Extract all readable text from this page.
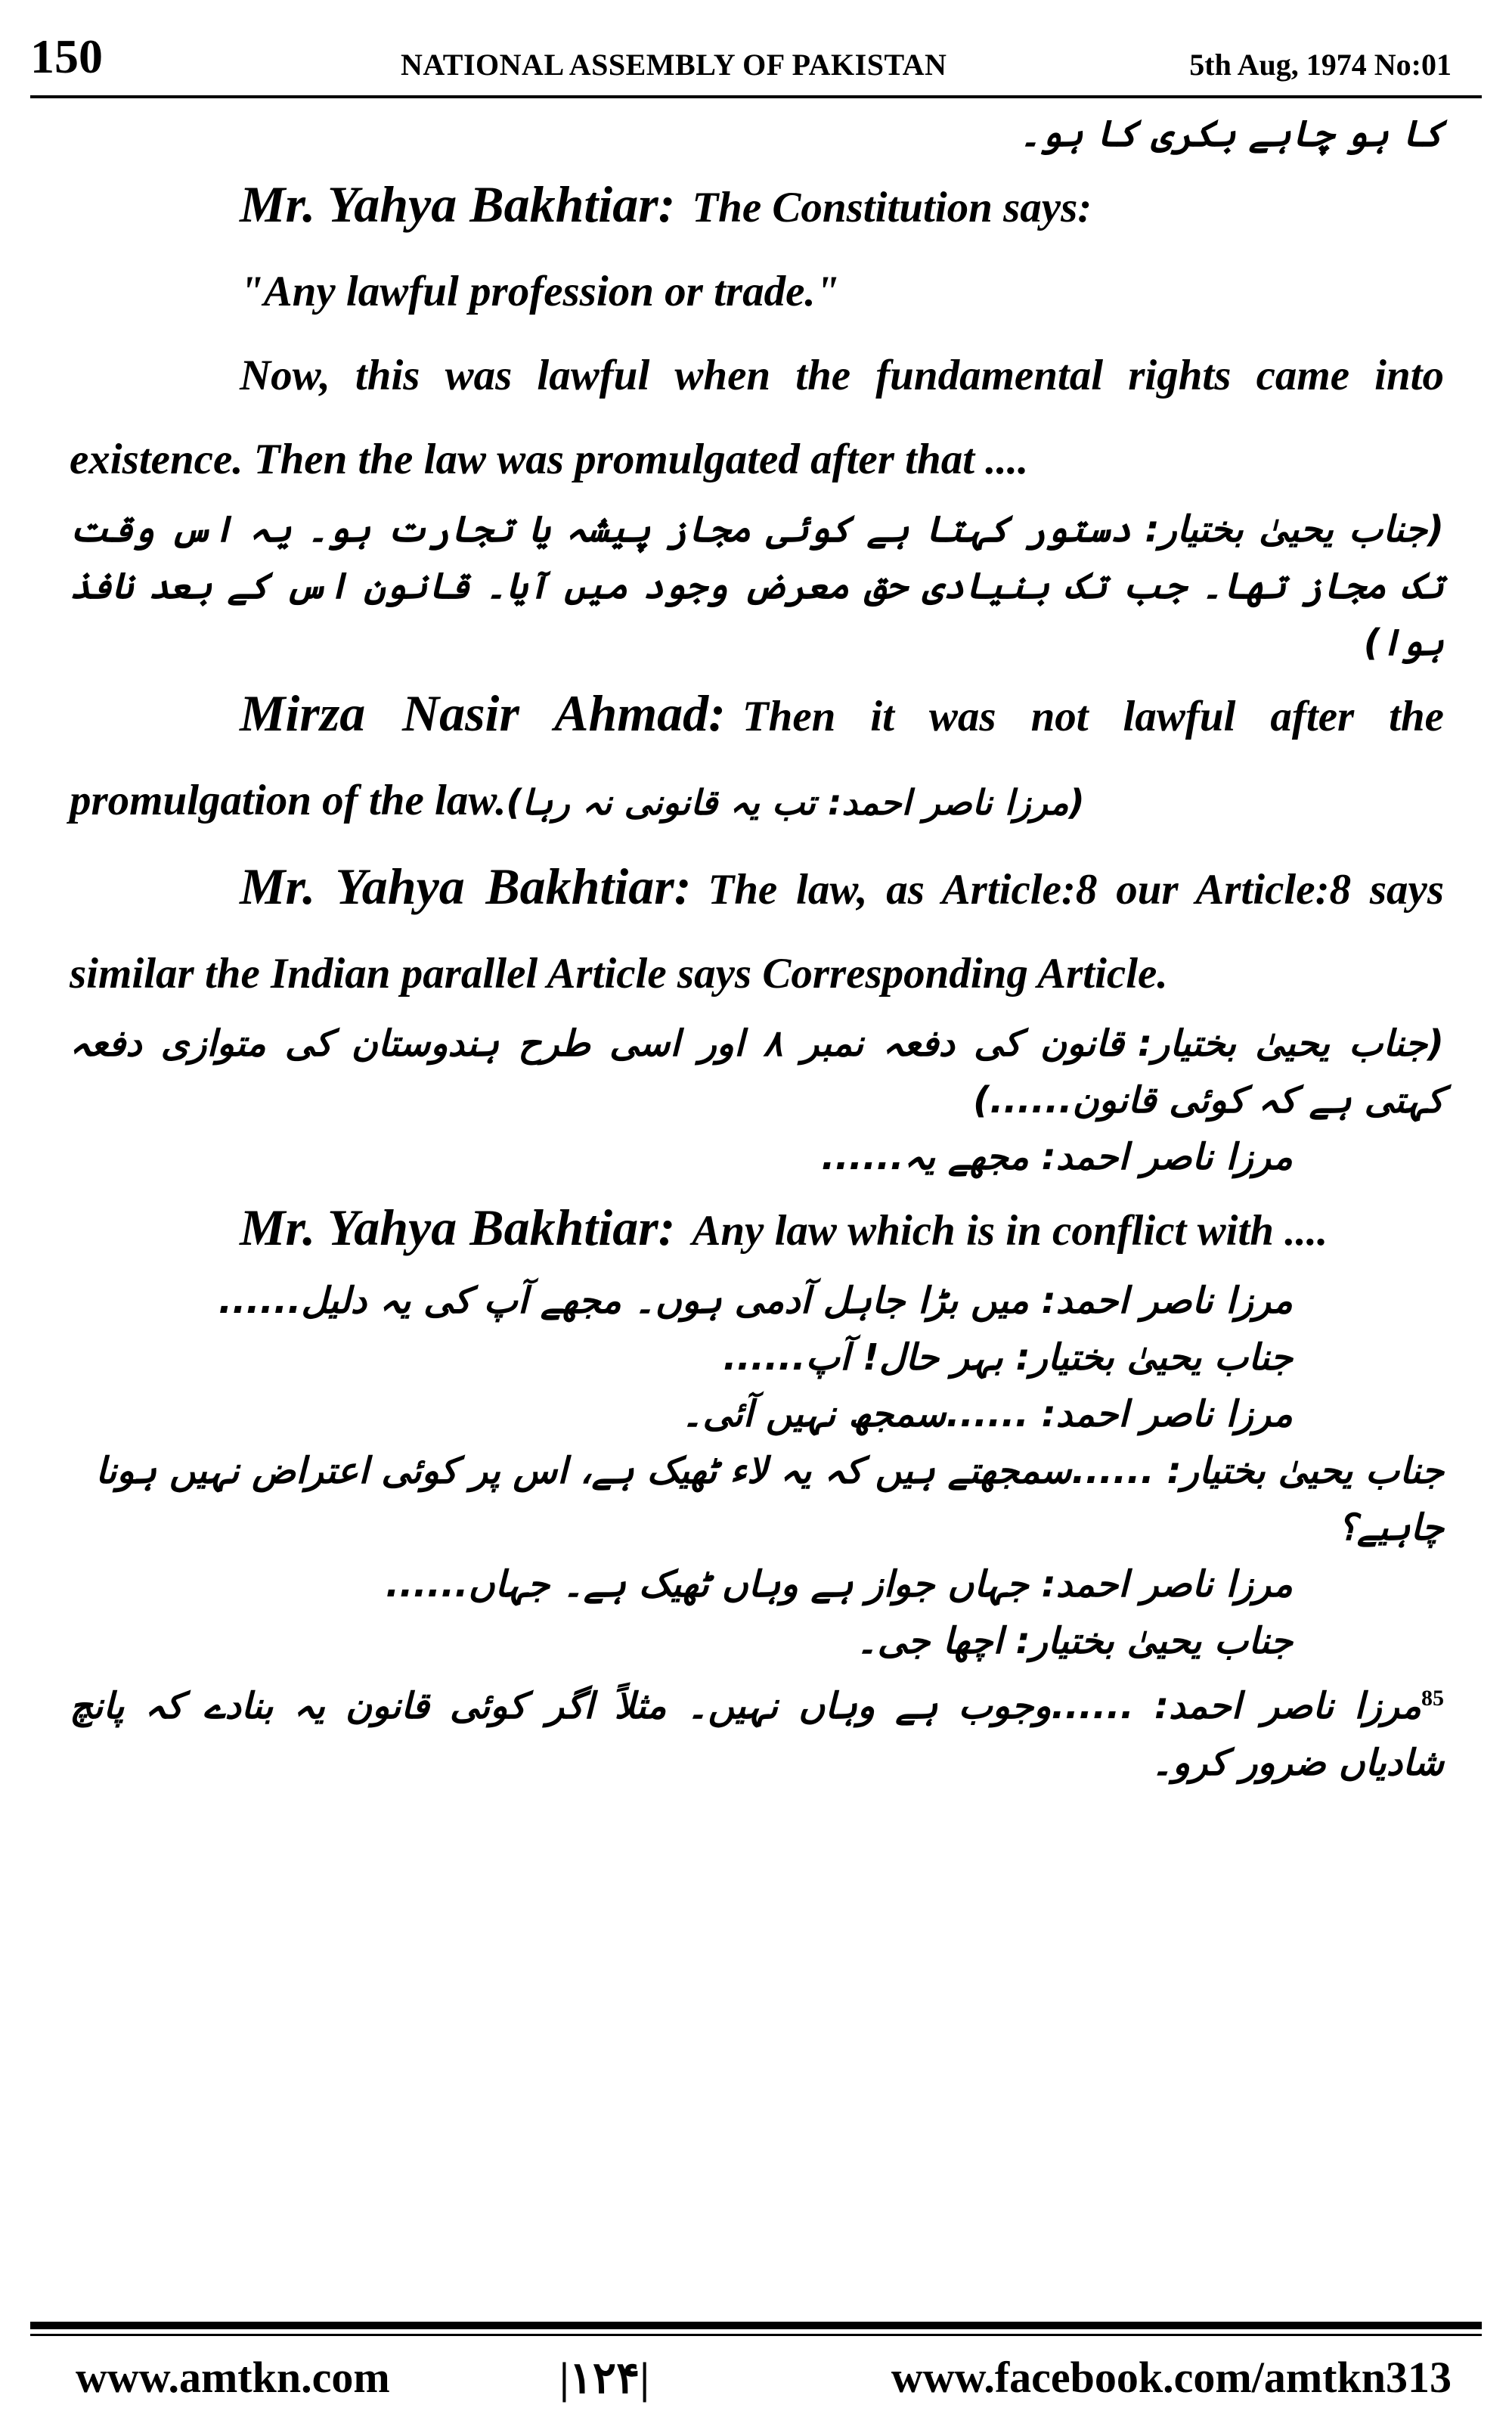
150	NATIONAL ASSEMBLY OF PAKISTAN	5th Aug, 1974 No:01

کا ہو چاہے بکری کا ہو۔

Mr. Yahya Bakhtiar: The Constitution says:

"Any lawful profession or trade."

Now, this was lawful when the fundamental rights came into existence. Then the law was promulgated after that ....

(جناب یحییٰ بختیار:دستور کہتا ہے کوئی مجاز پیشہ یا تجارت ہو۔ یہ اس وقت تک مجاز تھا۔ جب تک بنیادی حق معرض وجود میں آیا۔ قانون اس کے بعد نافذ ہوا)

Mirza Nasir Ahmad: Then it was not lawful after the promulgation of the law.(مرزا ناصر احمد: تب یہ قانونی نہ رہا)

Mr. Yahya Bakhtiar: The law, as Article:8 our Article:8 says similar the Indian parallel Article says Corresponding Article.

(جناب یحییٰ بختیار:قانون کی دفعہ نمبر ۸ اور اسی طرح ہندوستان کی متوازی دفعہ کہتی ہے کہ کوئی قانون......)

مرزا ناصر احمد: مجھے یہ......

Mr. Yahya Bakhtiar: Any law which is in conflict with ....

مرزا ناصر احمد: میں بڑا جاہل آدمی ہوں۔ مجھے آپ کی یہ دلیل......

جناب یحییٰ بختیار: بہر حال! آپ......

مرزا ناصر احمد: ......سمجھ نہیں آئی۔

جناب یحییٰ بختیار: ......سمجھتے ہیں کہ یہ لاء ٹھیک ہے، اس پر کوئی اعتراض نہیں ہونا چاہیے؟

مرزا ناصر احمد: جہاں جواز ہے وہاں ٹھیک ہے۔ جہاں......

جناب یحییٰ بختیار: اچھا جی۔

$^{85}$مرزا ناصر احمد: ......وجوب ہے وہاں نہیں۔ مثلاً اگر کوئی قانون یہ بنادے کہ پانچ شادیاں ضرور کرو۔

www.amtkn.com	|۱۲۴|	www.facebook.com/amtkn313
